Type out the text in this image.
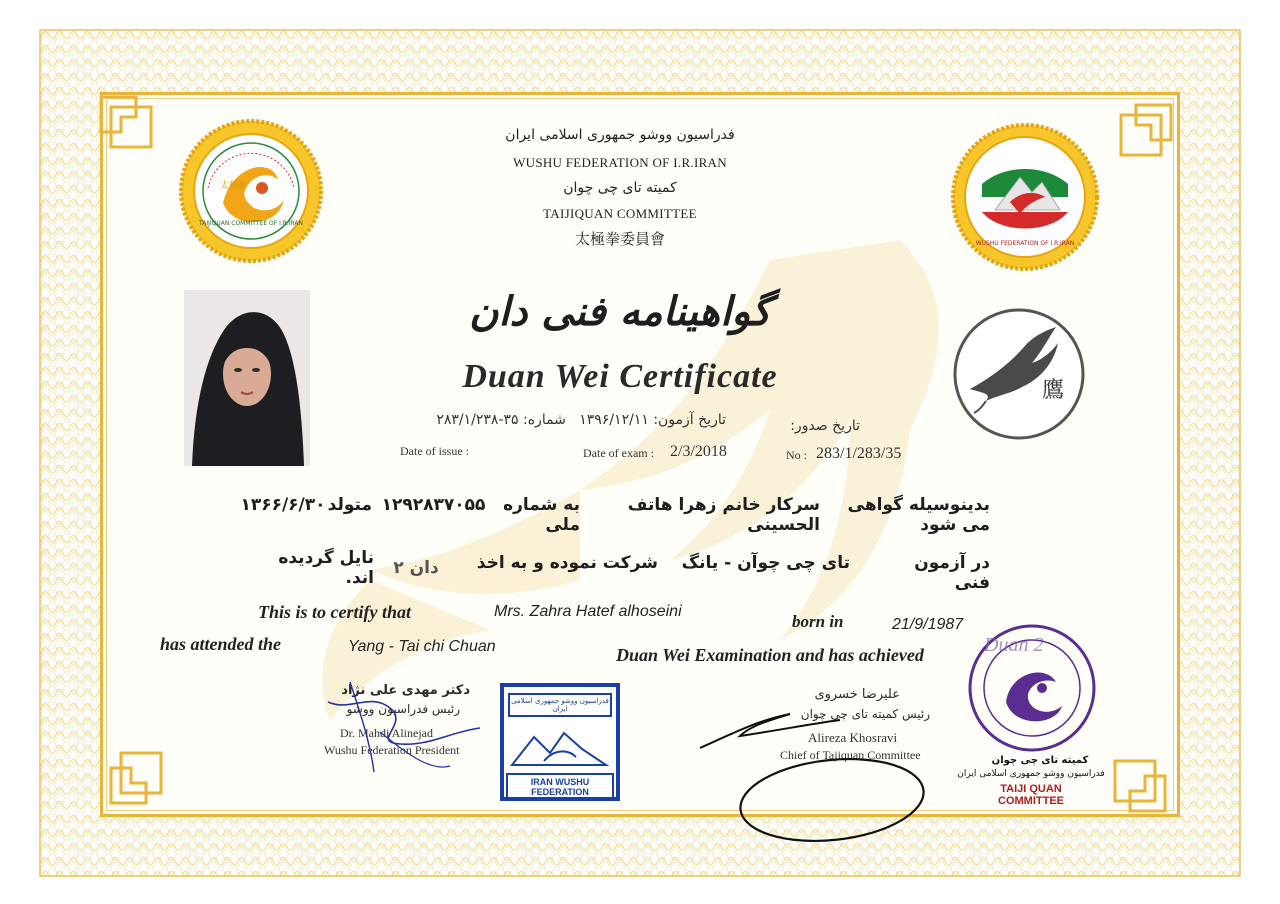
太极拳
TAIJIQUAN COMMITTEE OF I.R.IRAN
WUSHU FEDERATION OF I.R.IRAN
鷹
فدراسیون ووشو جمهوری اسلامی ایران
WUSHU FEDERATION OF I.R.IRAN
کمیته تای چی چوان
TAIJIQUAN COMMITTEE
太極拳委員會
گواهینامه فنی دان
Duan Wei Certificate
تاریخ صدور:
تاریخ آزمون: ۱۳۹۶/۱۲/۱۱   شماره: ۳۵-۲۸۳/۱/۲۳۸
Date of issue :	Date of exam : 2/3/2018	No : 283/1/283/35
بدینوسیله گواهی می شود
سرکار خانم زهرا هاتف الحسینی
به شماره ملی
۱۲۹۲۸۳۷۰۵۵
متولد
۱۳۶۶/۶/۳۰
در آزمون فنی
تای چی چوآن - یانگ
شرکت نموده و به اخذ
دان ۲
نایل گردیده اند.
This is to certify that	Mrs. Zahra Hatef alhoseini
born in	21/9/1987
has attended the	Yang - Tai chi Chuan	Duan Wei Examination and has achieved
دکتر مهدی علی نژاد
رئیس فدراسیون ووشو
Dr. Mahdi Alinejad
Wushu Federation President
فدراسیون ووشو جمهوری اسلامی ایران
IRAN WUSHU FEDERATION
علیرضا خسروی
رئیس کمیته تای چی چوان
Alireza Khosravi
Chief of Tajiquan Committee
Duan 2
کمیته تای چی چوان
فدراسیون ووشو جمهوری اسلامی ایران
TAIJI QUAN COMMITTEE
